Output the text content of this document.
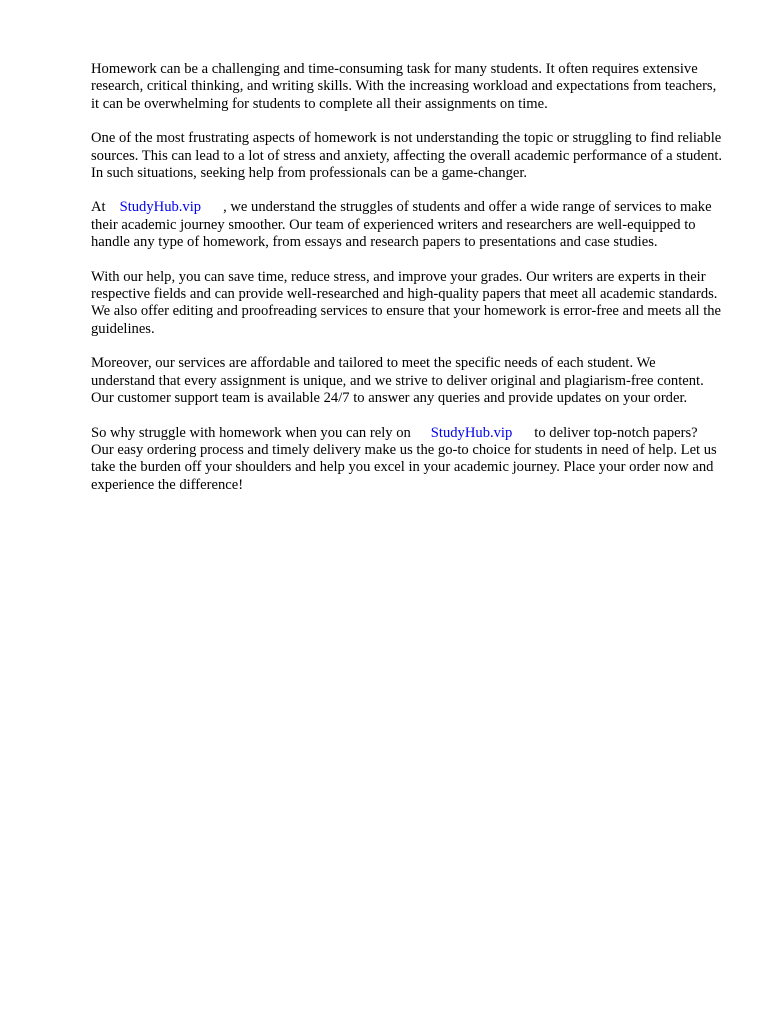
Homework can be a challenging and time-consuming task for many students. It often requires extensive research, critical thinking, and writing skills. With the increasing workload and expectations from teachers, it can be overwhelming for students to complete all their assignments on time.

One of the most frustrating aspects of homework is not understanding the topic or struggling to find reliable sources. This can lead to a lot of stress and anxiety, affecting the overall academic performance of a student. In such situations, seeking help from professionals can be a game-changer.

At StudyHub.vip , we understand the struggles of students and offer a wide range of services to make their academic journey smoother. Our team of experienced writers and researchers are well-equipped to handle any type of homework, from essays and research papers to presentations and case studies.

With our help, you can save time, reduce stress, and improve your grades. Our writers are experts in their respective fields and can provide well-researched and high-quality papers that meet all academic standards. We also offer editing and proofreading services to ensure that your homework is error-free and meets all the guidelines.

Moreover, our services are affordable and tailored to meet the specific needs of each student. We understand that every assignment is unique, and we strive to deliver original and plagiarism-free content. Our customer support team is available 24/7 to answer any queries and provide updates on your order.

So why struggle with homework when you can rely on StudyHub.vip to deliver top-notch papers? Our easy ordering process and timely delivery make us the go-to choice for students in need of help. Let us take the burden off your shoulders and help you excel in your academic journey. Place your order now and experience the difference!
